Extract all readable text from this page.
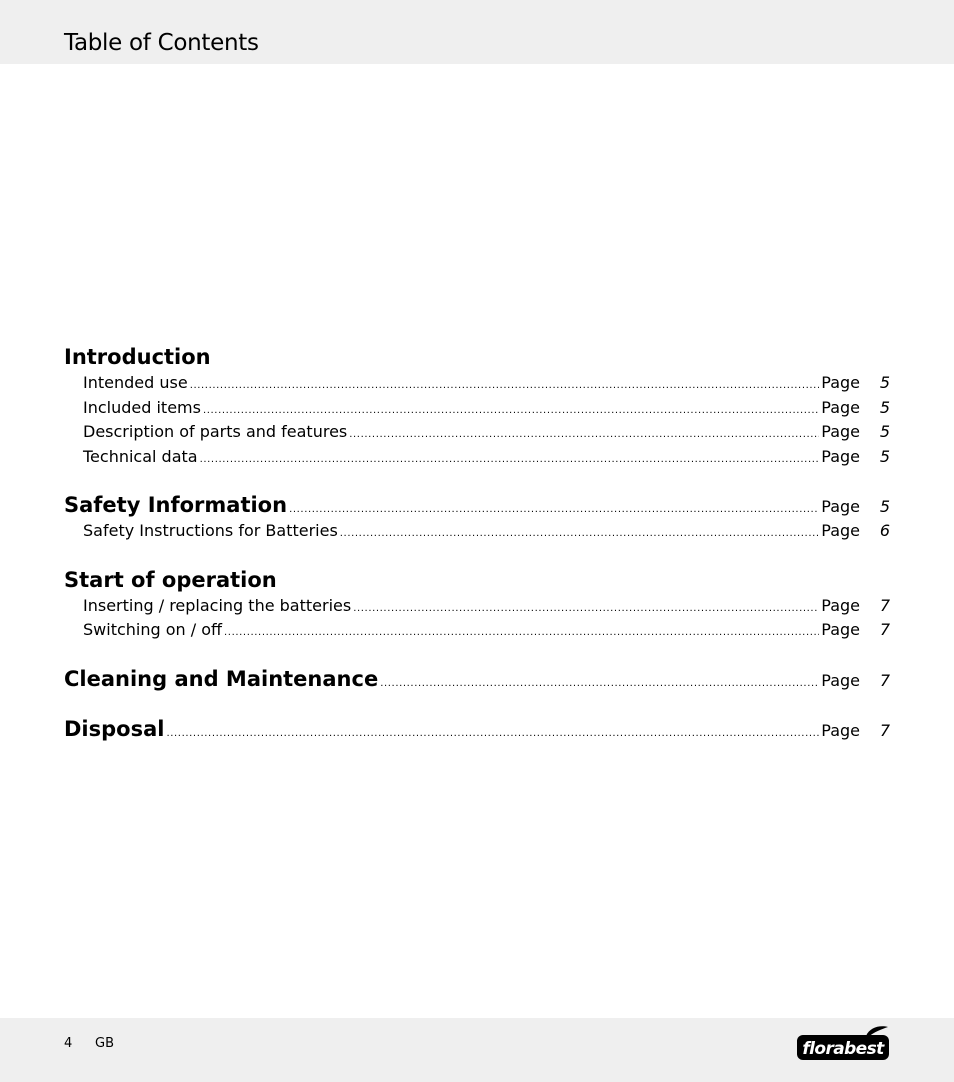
Table of Contents
Introduction
Intended use .....	Page	5
Included items .....	Page	5
Description of parts and features .....	Page	5
Technical data .....	Page	5
Safety Information .....	Page	5
Safety Instructions for Batteries .....	Page	6
Start of operation
Inserting / replacing the batteries .....	Page	7
Switching on / off .....	Page	7
Cleaning and Maintenance .....	Page	7
Disposal .....	Page	7
4 GB	florabest
